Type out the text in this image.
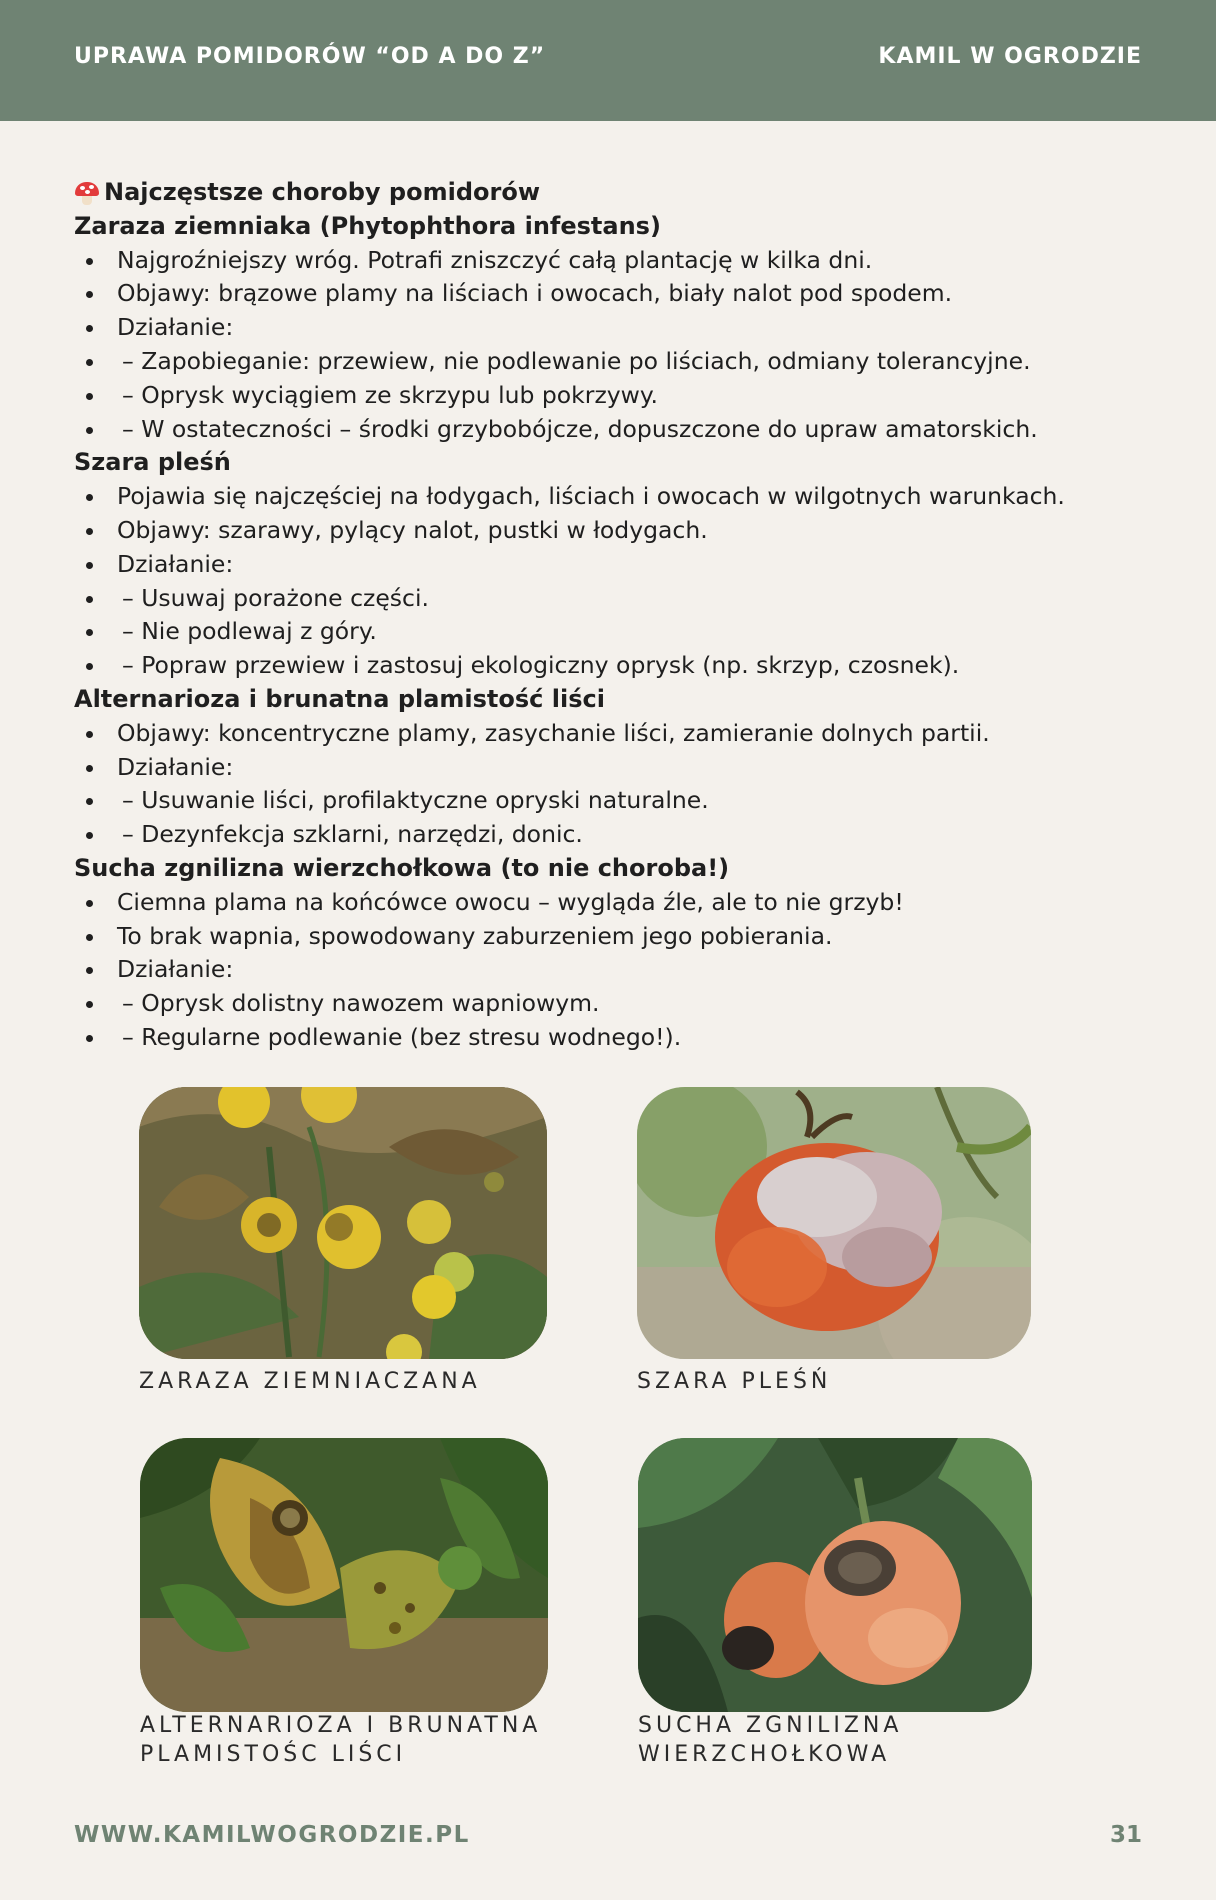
UPRAWA POMIDORÓW “OD A DO Z”	KAMIL W OGRODZIE
Najczęstsze choroby pomidorów
Zaraza ziemniaka (Phytophthora infestans)
Najgroźniejszy wróg. Potrafi zniszczyć całą plantację w kilka dni.
Objawy: brązowe plamy na liściach i owocach, biały nalot pod spodem.
Działanie:
– Zapobieganie: przewiew, nie podlewanie po liściach, odmiany tolerancyjne.
– Oprysk wyciągiem ze skrzypu lub pokrzywy.
– W ostateczności – środki grzybobójcze, dopuszczone do upraw amatorskich.
Szara pleśń
Pojawia się najczęściej na łodygach, liściach i owocach w wilgotnych warunkach.
Objawy: szarawy, pylący nalot, pustki w łodygach.
Działanie:
– Usuwaj porażone części.
– Nie podlewaj z góry.
– Popraw przewiew i zastosuj ekologiczny oprysk (np. skrzyp, czosnek).
Alternarioza i brunatna plamistość liści
Objawy: koncentryczne plamy, zasychanie liści, zamieranie dolnych partii.
Działanie:
– Usuwanie liści, profilaktyczne opryski naturalne.
– Dezynfekcja szklarni, narzędzi, donic.
Sucha zgnilizna wierzchołkowa (to nie choroba!)
Ciemna plama na końcówce owocu – wygląda źle, ale to nie grzyb!
To brak wapnia, spowodowany zaburzeniem jego pobierania.
Działanie:
– Oprysk dolistny nawozem wapniowym.
– Regularne podlewanie (bez stresu wodnego!).
ZARAZA ZIEMNIACZANA	SZARA PLEŚŃ
ALTERNARIOZA I BRUNATNA
PLAMISTOŚC LIŚCI
SUCHA ZGNILIZNA
WIERZCHOŁKOWA
WWW.KAMILWOGRODZIE.PL	31
